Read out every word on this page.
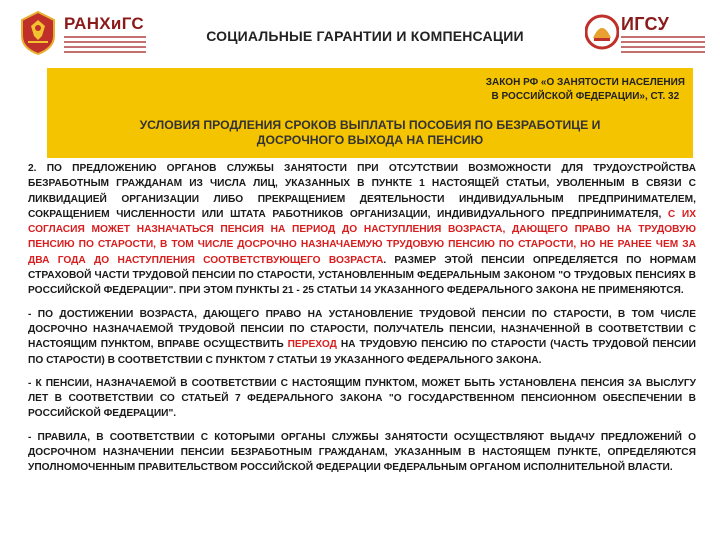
РАНХиГС
СОЦИАЛЬНЫЕ ГАРАНТИИ И КОМПЕНСАЦИИ
ИГСУ
ЗАКОН РФ «О ЗАНЯТОСТИ НАСЕЛЕНИЯ
В РОССИЙСКОЙ ФЕДЕРАЦИИ», СТ. 32
УСЛОВИЯ ПРОДЛЕНИЯ СРОКОВ ВЫПЛАТЫ ПОСОБИЯ ПО БЕЗРАБОТИЦЕ И
ДОСРОЧНОГО ВЫХОДА НА ПЕНСИЮ

2. ПО ПРЕДЛОЖЕНИЮ ОРГАНОВ СЛУЖБЫ ЗАНЯТОСТИ ПРИ ОТСУТСТВИИ ВОЗМОЖНОСТИ ДЛЯ ТРУДОУСТРОЙСТВА БЕЗРАБОТНЫМ ГРАЖДАНАМ ИЗ ЧИСЛА ЛИЦ, УКАЗАННЫХ В ПУНКТЕ 1 НАСТОЯЩЕЙ СТАТЬИ, УВОЛЕННЫМ В СВЯЗИ С ЛИКВИДАЦИЕЙ ОРГАНИЗАЦИИ ЛИБО ПРЕКРАЩЕНИЕМ ДЕЯТЕЛЬНОСТИ ИНДИВИДУАЛЬНЫМ ПРЕДПРИНИМАТЕЛЕМ, СОКРАЩЕНИЕМ ЧИСЛЕННОСТИ ИЛИ ШТАТА РАБОТНИКОВ ОРГАНИЗАЦИИ, ИНДИВИДУАЛЬНОГО ПРЕДПРИНИМАТЕЛЯ, С ИХ СОГЛАСИЯ МОЖЕТ НАЗНАЧАТЬСЯ ПЕНСИЯ НА ПЕРИОД ДО НАСТУПЛЕНИЯ ВОЗРАСТА, ДАЮЩЕГО ПРАВО НА ТРУДОВУЮ ПЕНСИЮ ПО СТАРОСТИ, В ТОМ ЧИСЛЕ ДОСРОЧНО НАЗНАЧАЕМУЮ ТРУДОВУЮ ПЕНСИЮ ПО СТАРОСТИ, НО НЕ РАНЕЕ ЧЕМ ЗА ДВА ГОДА ДО НАСТУПЛЕНИЯ СООТВЕТСТВУЮЩЕГО ВОЗРАСТА. РАЗМЕР ЭТОЙ ПЕНСИИ ОПРЕДЕЛЯЕТСЯ ПО НОРМАМ СТРАХОВОЙ ЧАСТИ ТРУДОВОЙ ПЕНСИИ ПО СТАРОСТИ, УСТАНОВЛЕННЫМ ФЕДЕРАЛЬНЫМ ЗАКОНОМ "О ТРУДОВЫХ ПЕНСИЯХ В РОССИЙСКОЙ ФЕДЕРАЦИИ". ПРИ ЭТОМ ПУНКТЫ 21 - 25 СТАТЬИ 14 УКАЗАННОГО ФЕДЕРАЛЬНОГО ЗАКОНА НЕ ПРИМЕНЯЮТСЯ.

- ПО ДОСТИЖЕНИИ ВОЗРАСТА, ДАЮЩЕГО ПРАВО НА УСТАНОВЛЕНИЕ ТРУДОВОЙ ПЕНСИИ ПО СТАРОСТИ, В ТОМ ЧИСЛЕ ДОСРОЧНО НАЗНАЧАЕМОЙ ТРУДОВОЙ ПЕНСИИ ПО СТАРОСТИ, ПОЛУЧАТЕЛЬ ПЕНСИИ, НАЗНАЧЕННОЙ В СООТВЕТСТВИИ С НАСТОЯЩИМ ПУНКТОМ, ВПРАВЕ ОСУЩЕСТВИТЬ ПЕРЕХОД НА ТРУДОВУЮ ПЕНСИЮ ПО СТАРОСТИ (ЧАСТЬ ТРУДОВОЙ ПЕНСИИ ПО СТАРОСТИ) В СООТВЕТСТВИИ С ПУНКТОМ 7 СТАТЬИ 19 УКАЗАННОГО ФЕДЕРАЛЬНОГО ЗАКОНА.

- К ПЕНСИИ, НАЗНАЧАЕМОЙ В СООТВЕТСТВИИ С НАСТОЯЩИМ ПУНКТОМ, МОЖЕТ БЫТЬ УСТАНОВЛЕНА ПЕНСИЯ ЗА ВЫСЛУГУ ЛЕТ В СООТВЕТСТВИИ СО СТАТЬЕЙ 7 ФЕДЕРАЛЬНОГО ЗАКОНА "О ГОСУДАРСТВЕННОМ ПЕНСИОННОМ ОБЕСПЕЧЕНИИ В РОССИЙСКОЙ ФЕДЕРАЦИИ".

- ПРАВИЛА, В СООТВЕТСТВИИ С КОТОРЫМИ ОРГАНЫ СЛУЖБЫ ЗАНЯТОСТИ ОСУЩЕСТВЛЯЮТ ВЫДАЧУ ПРЕДЛОЖЕНИЙ О ДОСРОЧНОМ НАЗНАЧЕНИИ ПЕНСИИ БЕЗРАБОТНЫМ ГРАЖДАНАМ, УКАЗАННЫМ В НАСТОЯЩЕМ ПУНКТЕ, ОПРЕДЕЛЯЮТСЯ УПОЛНОМОЧЕННЫМ ПРАВИТЕЛЬСТВОМ РОССИЙСКОЙ ФЕДЕРАЦИИ ФЕДЕРАЛЬНЫМ ОРГАНОМ ИСПОЛНИТЕЛЬНОЙ ВЛАСТИ.
